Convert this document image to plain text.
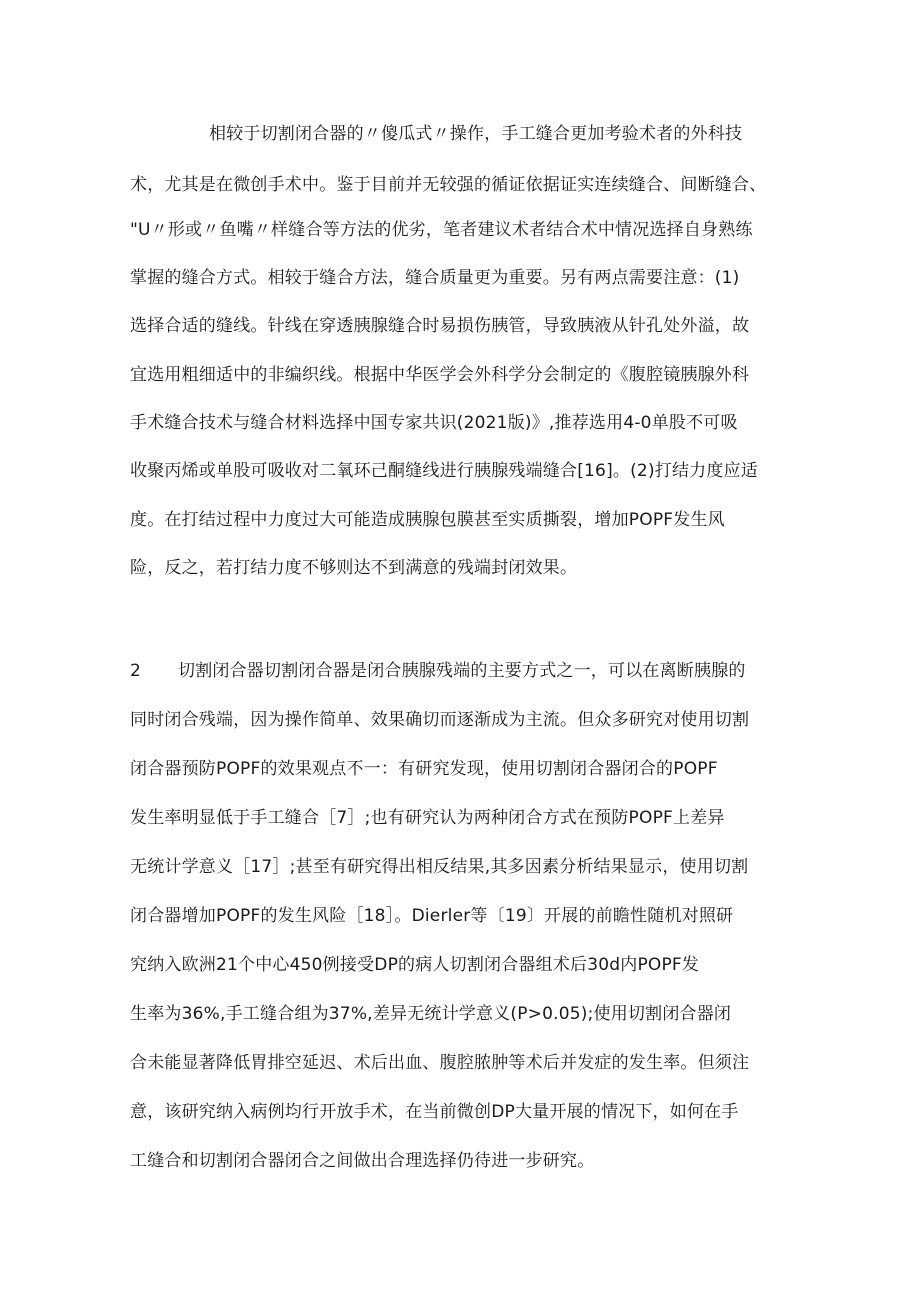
相较于切割闭合器的〃傻瓜式〃操作，手工缝合更加考验术者的外科技
术，尤其是在微创手术中。鉴于目前并无较强的循证依据证实连续缝合、间断缝合、
"U〃形或〃鱼嘴〃样缝合等方法的优劣，笔者建议术者结合术中情况选择自身熟练
掌握的缝合方式。相较于缝合方法，缝合质量更为重要。另有两点需要注意：(1)
选择合适的缝线。针线在穿透胰腺缝合时易损伤胰管，导致胰液从针孔处外溢，故
宜选用粗细适中的非编织线。根据中华医学会外科学分会制定的《腹腔镜胰腺外科
手术缝合技术与缝合材料选择中国专家共识(2021版)》,推荐选用4-0单股不可吸
收聚丙烯或单股可吸收对二氧环己酮缝线进行胰腺残端缝合[16]。(2)打结力度应适
度。在打结过程中力度过大可能造成胰腺包膜甚至实质撕裂，增加POPF发生风
险，反之，若打结力度不够则达不到满意的残端封闭效果。
2 切割闭合器切割闭合器是闭合胰腺残端的主要方式之一，可以在离断胰腺的
同时闭合残端，因为操作简单、效果确切而逐渐成为主流。但众多研究对使用切割
闭合器预防POPF的效果观点不一：有研究发现，使用切割闭合器闭合的POPF
发生率明显低于手工缝合［7］;也有研究认为两种闭合方式在预防POPF上差异
无统计学意义［17］;甚至有研究得出相反结果,其多因素分析结果显示，使用切割
闭合器增加POPF的发生风险［18］。Dierler等〔19〕开展的前瞻性随机对照研
究纳入欧洲21个中心450例接受DP的病人切割闭合器组术后30d内POPF发
生率为36%,手工缝合组为37%,差异无统计学意义(P>0.05);使用切割闭合器闭
合未能显著降低胃排空延迟、术后出血、腹腔脓肿等术后并发症的发生率。但须注
意，该研究纳入病例均行开放手术，在当前微创DP大量开展的情况下，如何在手
工缝合和切割闭合器闭合之间做出合理选择仍待进一步研究。
